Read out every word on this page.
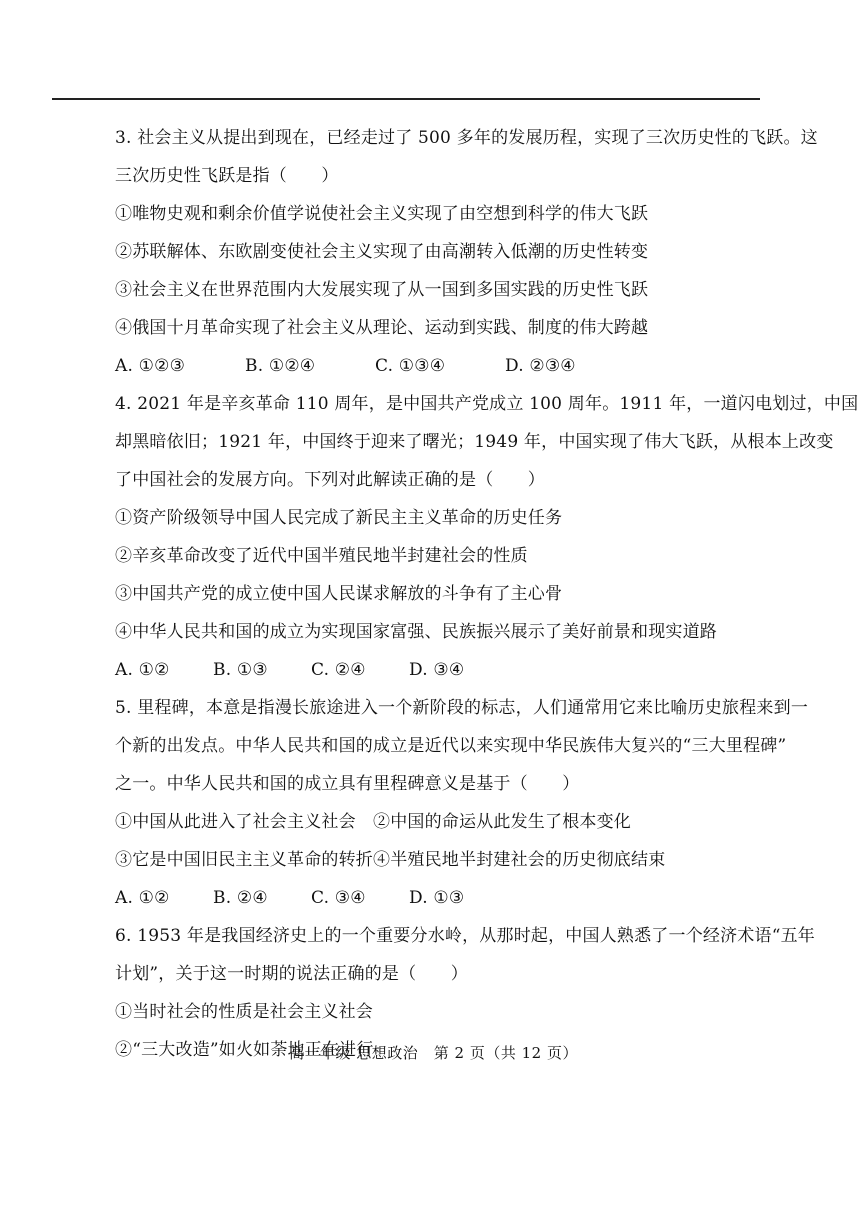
3. 社会主义从提出到现在，已经走过了 500 多年的发展历程，实现了三次历史性的飞跃。这

三次历史性飞跃是指（　　）

①唯物史观和剩余价值学说使社会主义实现了由空想到科学的伟大飞跃

②苏联解体、东欧剧变使社会主义实现了由高潮转入低潮的历史性转变

③社会主义在世界范围内大发展实现了从一国到多国实践的历史性飞跃

④俄国十月革命实现了社会主义从理论、运动到实践、制度的伟大跨越

A. ①②③	B. ①②④	C. ①③④	D. ②③④

4. 2021 年是辛亥革命 110 周年，是中国共产党成立 100 周年。1911 年，一道闪电划过，中国

却黑暗依旧；1921 年，中国终于迎来了曙光；1949 年，中国实现了伟大飞跃，从根本上改变

了中国社会的发展方向。下列对此解读正确的是（　　）

①资产阶级领导中国人民完成了新民主主义革命的历史任务

②辛亥革命改变了近代中国半殖民地半封建社会的性质

③中国共产党的成立使中国人民谋求解放的斗争有了主心骨

④中华人民共和国的成立为实现国家富强、民族振兴展示了美好前景和现实道路

A. ①②	B. ①③	C. ②④	D. ③④

5. 里程碑，本意是指漫长旅途进入一个新阶段的标志，人们通常用它来比喻历史旅程来到一

个新的出发点。中华人民共和国的成立是近代以来实现中华民族伟大复兴的“三大里程碑”

之一。中华人民共和国的成立具有里程碑意义是基于（　　）

①中国从此进入了社会主义社会	②中国的命运从此发生了根本变化
③它是中国旧民主主义革命的转折 ④半殖民地半封建社会的历史彻底结束
A. ①②	B. ②④	C. ③④	D. ①③

6. 1953 年是我国经济史上的一个重要分水岭，从那时起，中国人熟悉了一个经济术语“五年

计划”，关于这一时期的说法正确的是（　　）

①当时社会的性质是社会主义社会

②“三大改造”如火如荼地正在进行

高一年级 思想政治　第 2 页（共 12 页）
